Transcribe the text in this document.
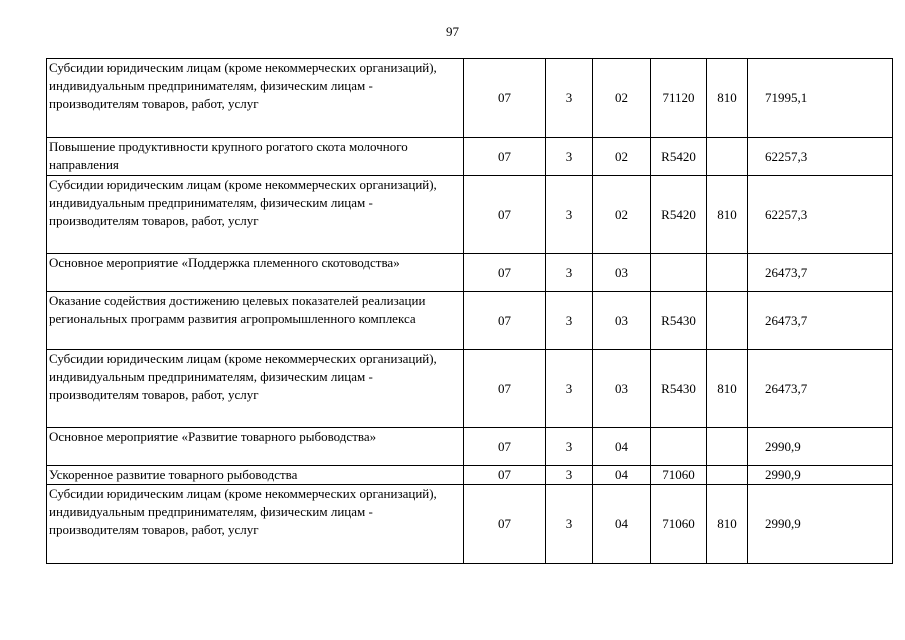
97
Субсидии юридическим лицам (кроме некоммерческих организаций), индивидуальным предпринимателям, физическим лицам - производителям товаров, работ, услуг	07	3	02	71120	810	71995,1
Повышение продуктивности крупного рогатого скота молочного направления	07	3	02	R5420		62257,3
Субсидии юридическим лицам (кроме некоммерческих организаций), индивидуальным предпринимателям, физическим лицам - производителям товаров, работ, услуг	07	3	02	R5420	810	62257,3
Основное мероприятие «Поддержка племенного скотоводства»	07	3	03			26473,7
Оказание содействия достижению целевых показателей реализации региональных программ развития агропромышленного комплекса	07	3	03	R5430		26473,7
Субсидии юридическим лицам (кроме некоммерческих организаций), индивидуальным предпринимателям, физическим лицам - производителям товаров, работ, услуг	07	3	03	R5430	810	26473,7
Основное мероприятие «Развитие товарного рыбоводства»	07	3	04			2990,9
Ускоренное развитие товарного рыбоводства	07	3	04	71060		2990,9
Субсидии юридическим лицам (кроме некоммерческих организаций), индивидуальным предпринимателям, физическим лицам - производителям товаров, работ, услуг	07	3	04	71060	810	2990,9
